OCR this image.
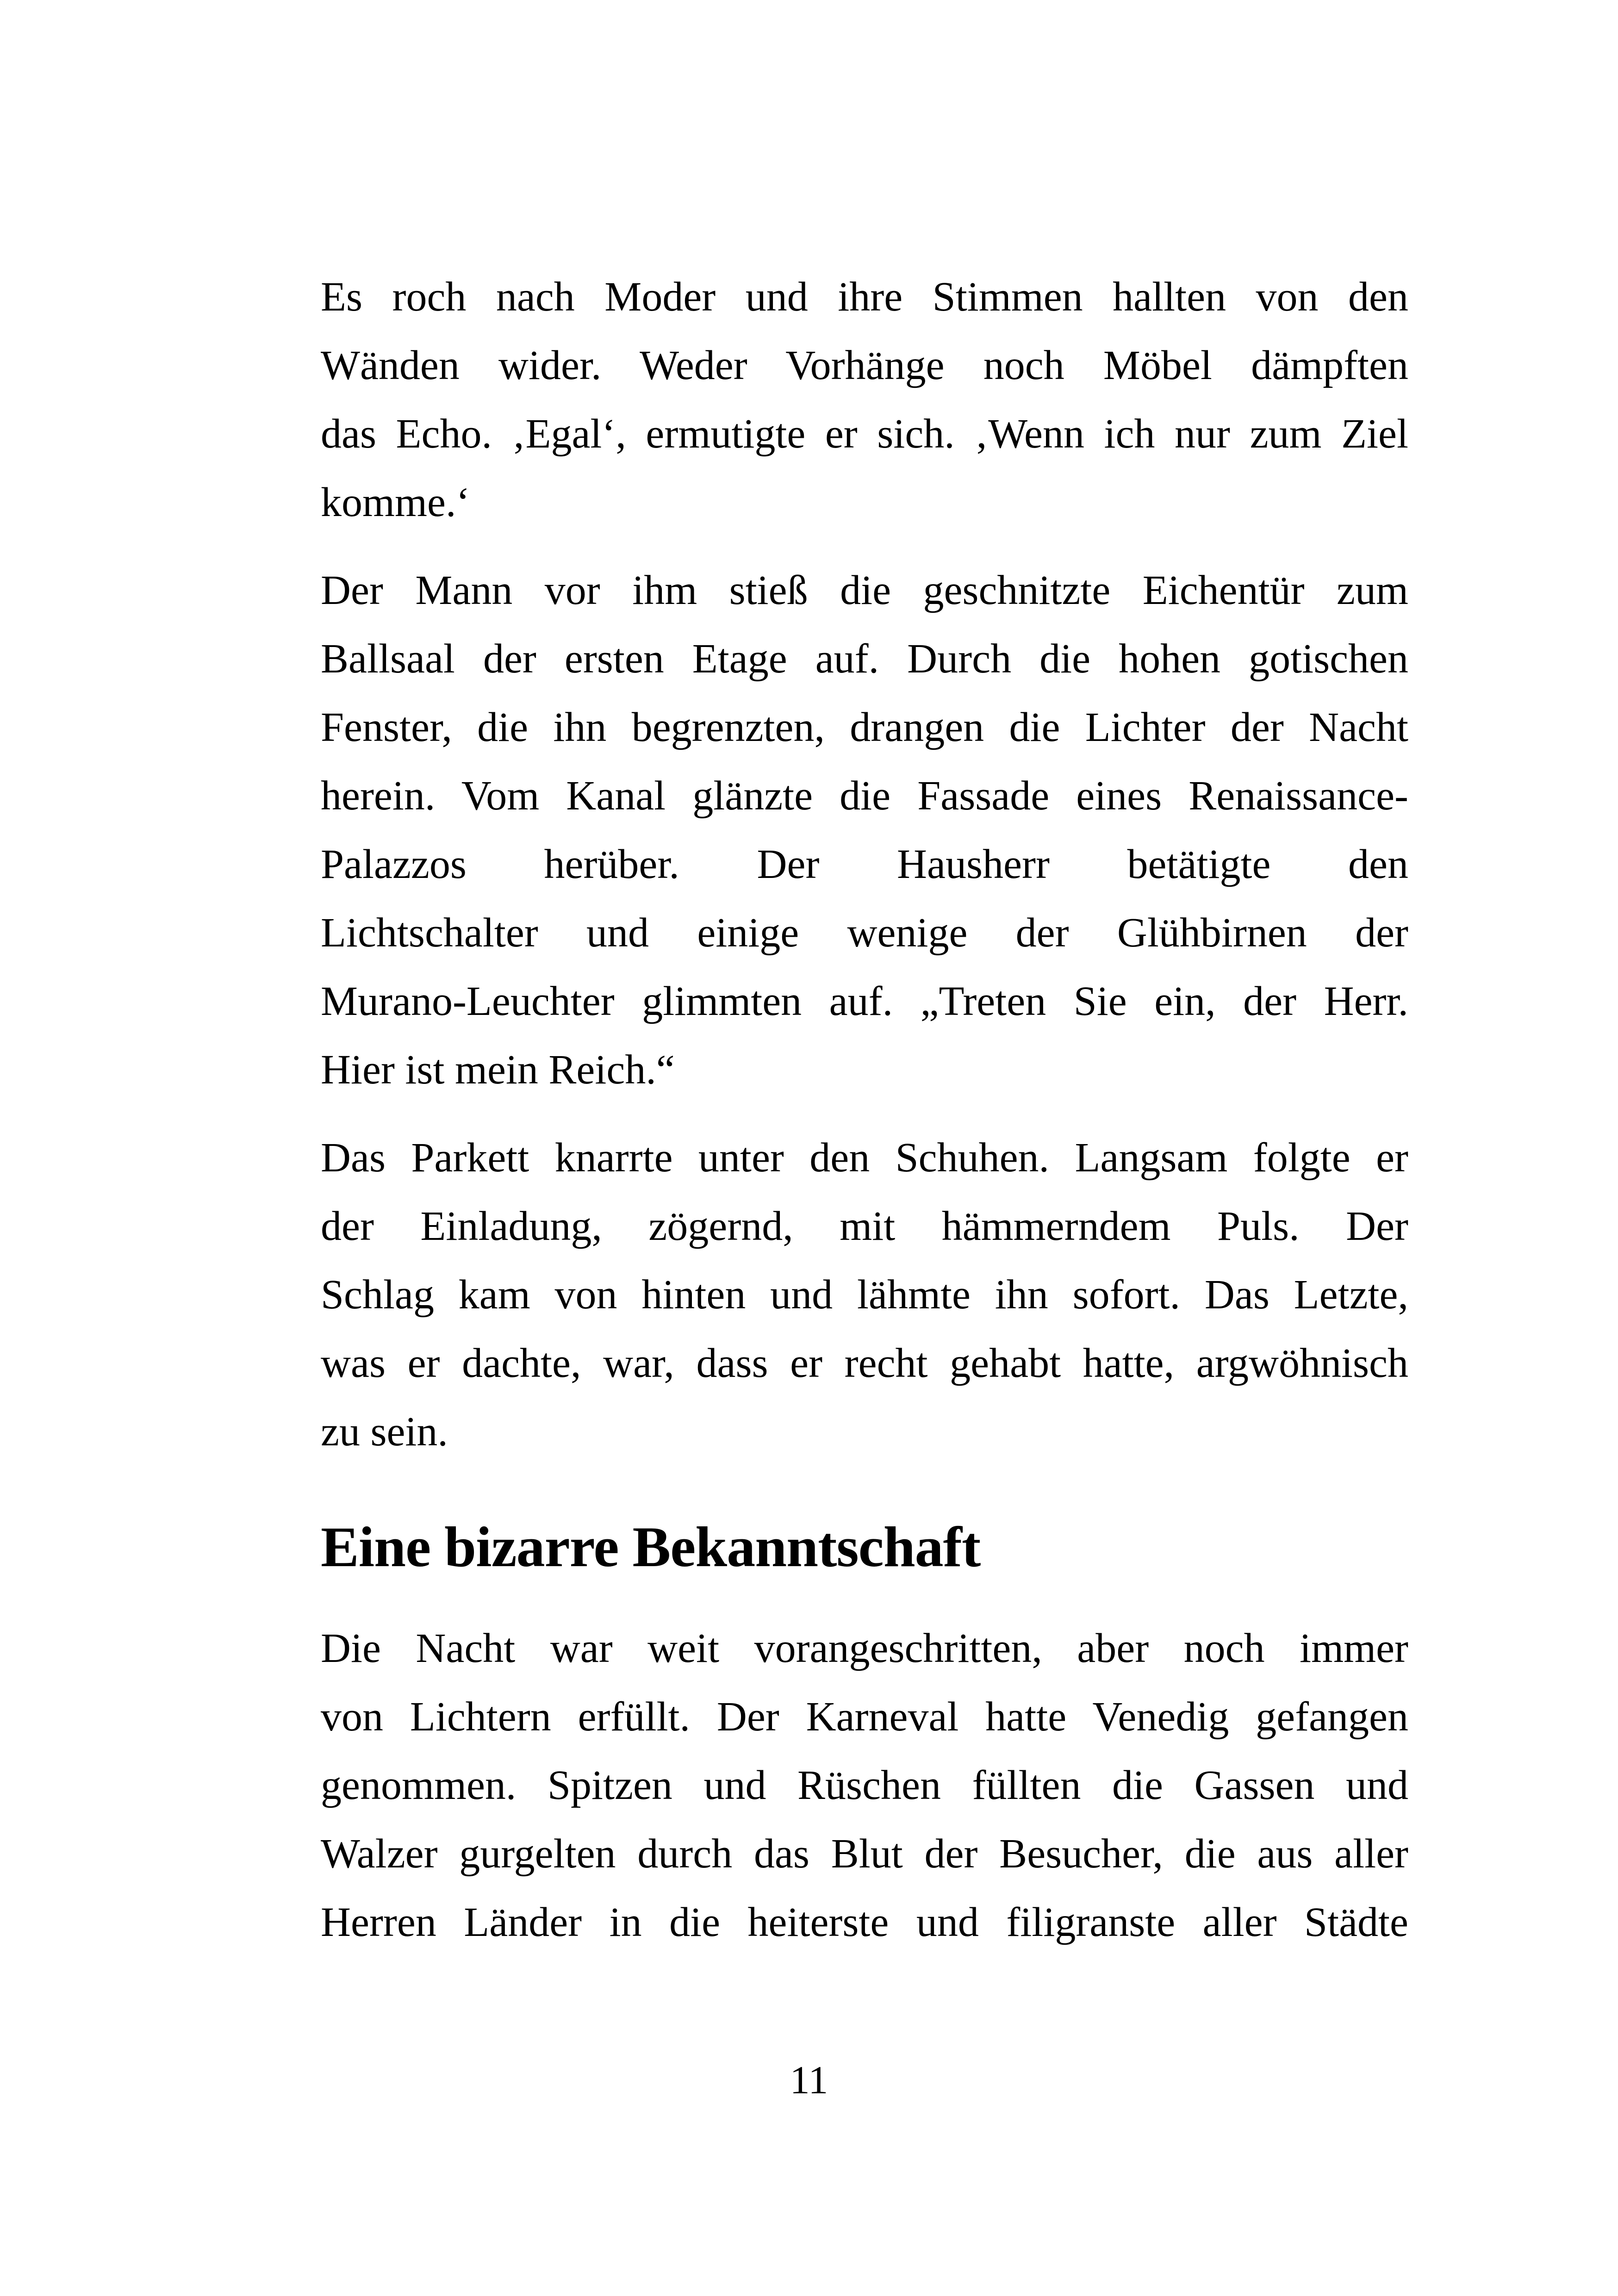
Es roch nach Moder und ihre Stimmen hallten von den
Wänden wider. Weder Vorhänge noch Möbel dämpften
das Echo. ‚Egal‘, ermutigte er sich. ‚Wenn ich nur zum Ziel
komme.‘
Der Mann vor ihm stieß die geschnitzte Eichentür zum
Ballsaal der ersten Etage auf. Durch die hohen gotischen
Fenster, die ihn begrenzten, drangen die Lichter der Nacht
herein. Vom Kanal glänzte die Fassade eines Renaissance-
Palazzos herüber. Der Hausherr betätigte den
Lichtschalter und einige wenige der Glühbirnen der
Murano-Leuchter glimmten auf. „Treten Sie ein, der Herr.
Hier ist mein Reich.“
Das Parkett knarrte unter den Schuhen. Langsam folgte er
der Einladung, zögernd, mit hämmerndem Puls. Der
Schlag kam von hinten und lähmte ihn sofort. Das Letzte,
was er dachte, war, dass er recht gehabt hatte, argwöhnisch
zu sein.
Eine bizarre Bekanntschaft
Die Nacht war weit vorangeschritten, aber noch immer
von Lichtern erfüllt. Der Karneval hatte Venedig gefangen
genommen. Spitzen und Rüschen füllten die Gassen und
Walzer gurgelten durch das Blut der Besucher, die aus aller
Herren Länder in die heiterste und filigranste aller Städte
11
